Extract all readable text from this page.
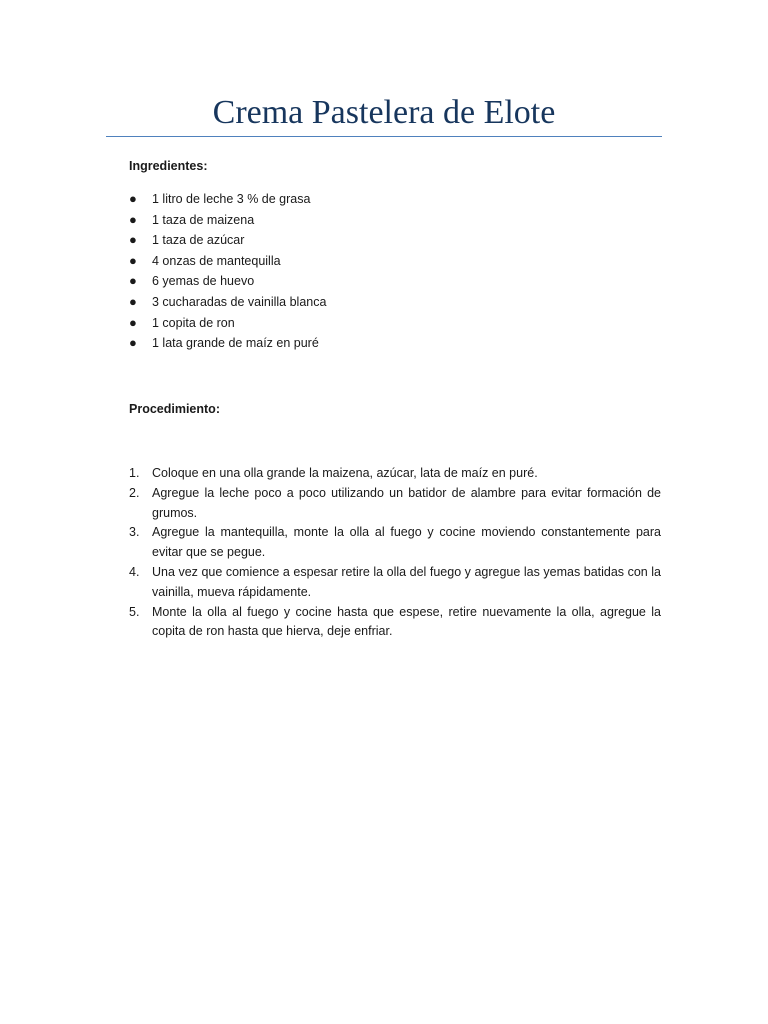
Crema Pastelera de Elote
Ingredientes:
●	1 litro de leche 3 % de grasa
●	1 taza de maizena
●	1 taza de azúcar
●	4 onzas de mantequilla
●	6 yemas de huevo
●	3 cucharadas de vainilla blanca
●	1 copita de ron
●	1 lata grande de maíz en puré
Procedimiento:
1.	Coloque en una olla grande la maizena, azúcar, lata de maíz en puré.
2.	Agregue la leche poco a poco utilizando un batidor de alambre para evitar formación de grumos.
3.	Agregue la mantequilla, monte la olla al fuego y cocine moviendo constantemente para evitar que se pegue.
4.	Una vez que comience a espesar retire la olla del fuego y agregue las yemas batidas con la vainilla, mueva rápidamente.
5.	Monte la olla al fuego y cocine hasta que espese, retire nuevamente la olla, agregue la copita de ron hasta que hierva, deje enfriar.
